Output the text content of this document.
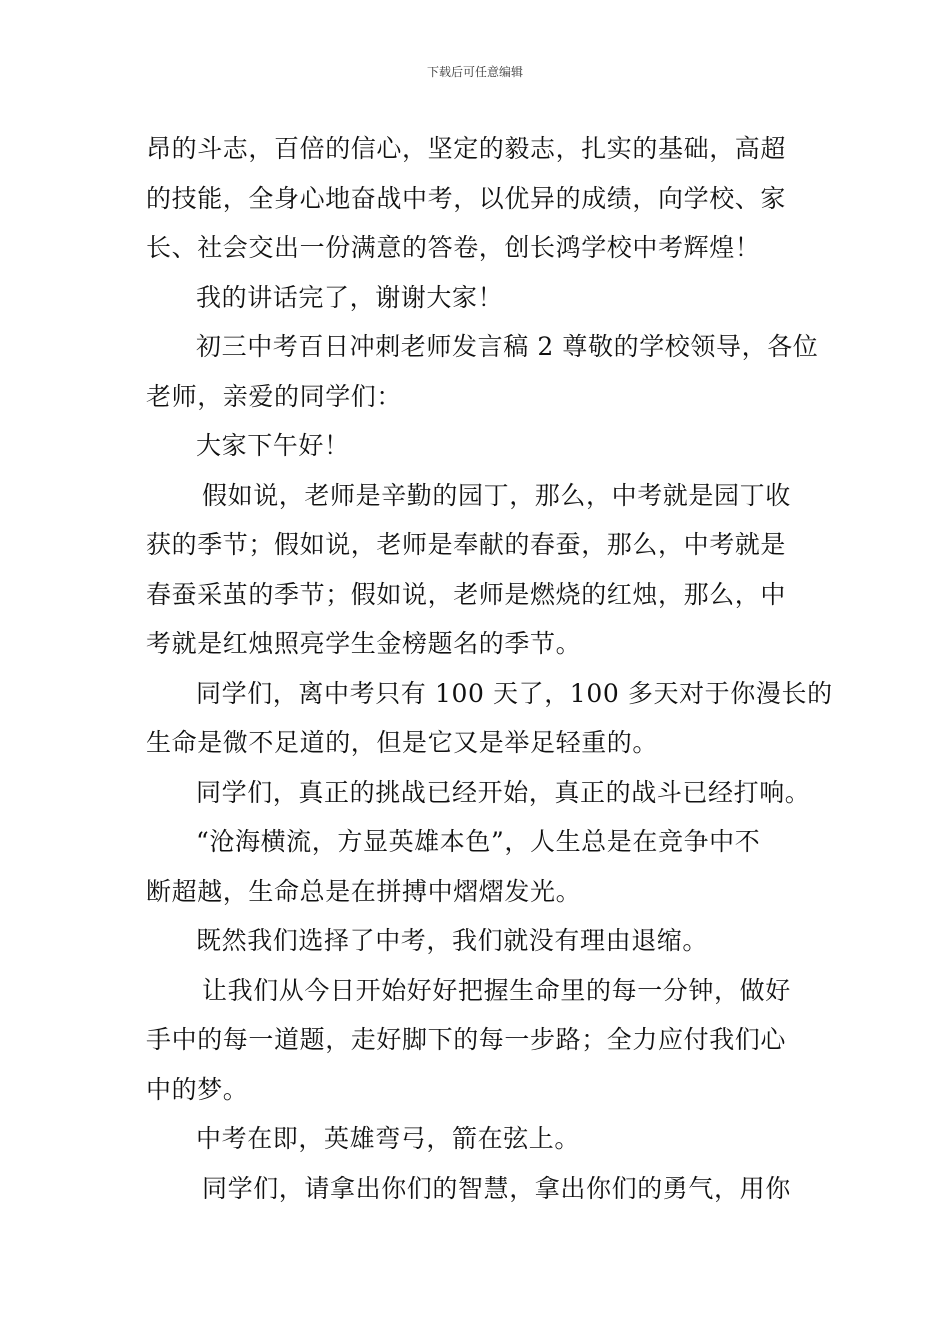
下载后可任意编辑
昂的斗志，百倍的信心，坚定的毅志，扎实的基础，高超
的技能，全身心地奋战中考，以优异的成绩，向学校、家
长、社会交出一份满意的答卷，创长鸿学校中考辉煌！
我的讲话完了，谢谢大家！
初三中考百日冲刺老师发言稿 2 尊敬的学校领导，各位
老师，亲爱的同学们：
大家下午好！
假如说，老师是辛勤的园丁，那么，中考就是园丁收
获的季节；假如说，老师是奉献的春蚕，那么，中考就是
春蚕采茧的季节；假如说，老师是燃烧的红烛，那么，中
考就是红烛照亮学生金榜题名的季节。
同学们，离中考只有 100 天了，100 多天对于你漫长的
生命是微不足道的，但是它又是举足轻重的。
同学们，真正的挑战已经开始，真正的战斗已经打响。
“沧海横流，方显英雄本色”，人生总是在竞争中不
断超越，生命总是在拼搏中熠熠发光。
既然我们选择了中考，我们就没有理由退缩。
让我们从今日开始好好把握生命里的每一分钟，做好
手中的每一道题，走好脚下的每一步路；全力应付我们心
中的梦。
中考在即，英雄弯弓，箭在弦上。
同学们，请拿出你们的智慧，拿出你们的勇气，用你
